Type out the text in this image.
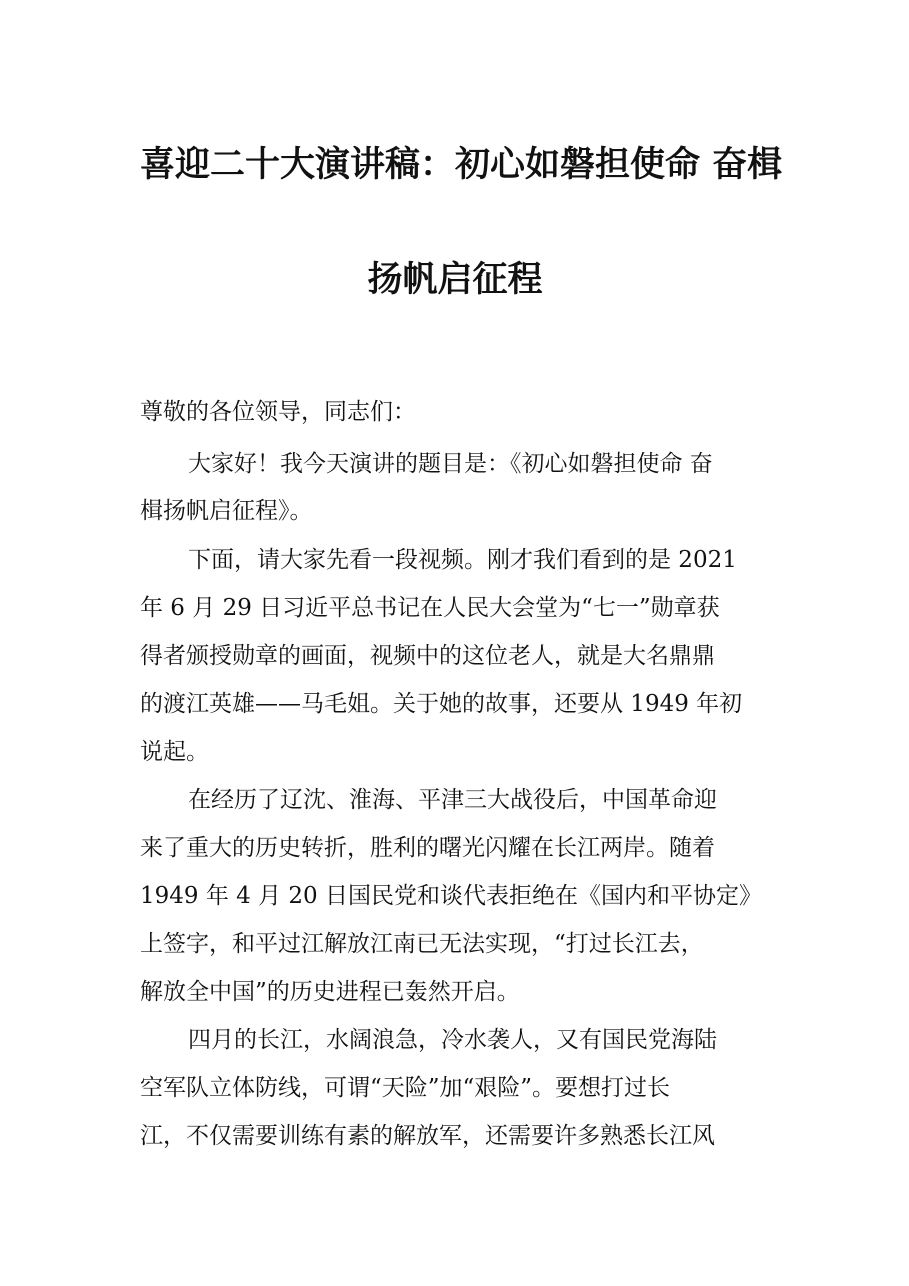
喜迎二十大演讲稿：初心如磐担使命 奋楫
扬帆启征程
尊敬的各位领导，同志们：
大家好！我今天演讲的题目是：《初心如磐担使命 奋
楫扬帆启征程》。
下面，请大家先看一段视频。刚才我们看到的是 2021
年 6 月 29 日习近平总书记在人民大会堂为“七一”勋章获
得者颁授勋章的画面，视频中的这位老人，就是大名鼎鼎
的渡江英雄——马毛姐。关于她的故事，还要从 1949 年初
说起。
在经历了辽沈、淮海、平津三大战役后，中国革命迎
来了重大的历史转折，胜利的曙光闪耀在长江两岸。随着
1949 年 4 月 20 日国民党和谈代表拒绝在《国内和平协定》
上签字，和平过江解放江南已无法实现，“打过长江去，
解放全中国”的历史进程已轰然开启。
四月的长江，水阔浪急，冷水袭人，又有国民党海陆
空军队立体防线，可谓“天险”加“艰险”。要想打过长
江，不仅需要训练有素的解放军，还需要许多熟悉长江风
